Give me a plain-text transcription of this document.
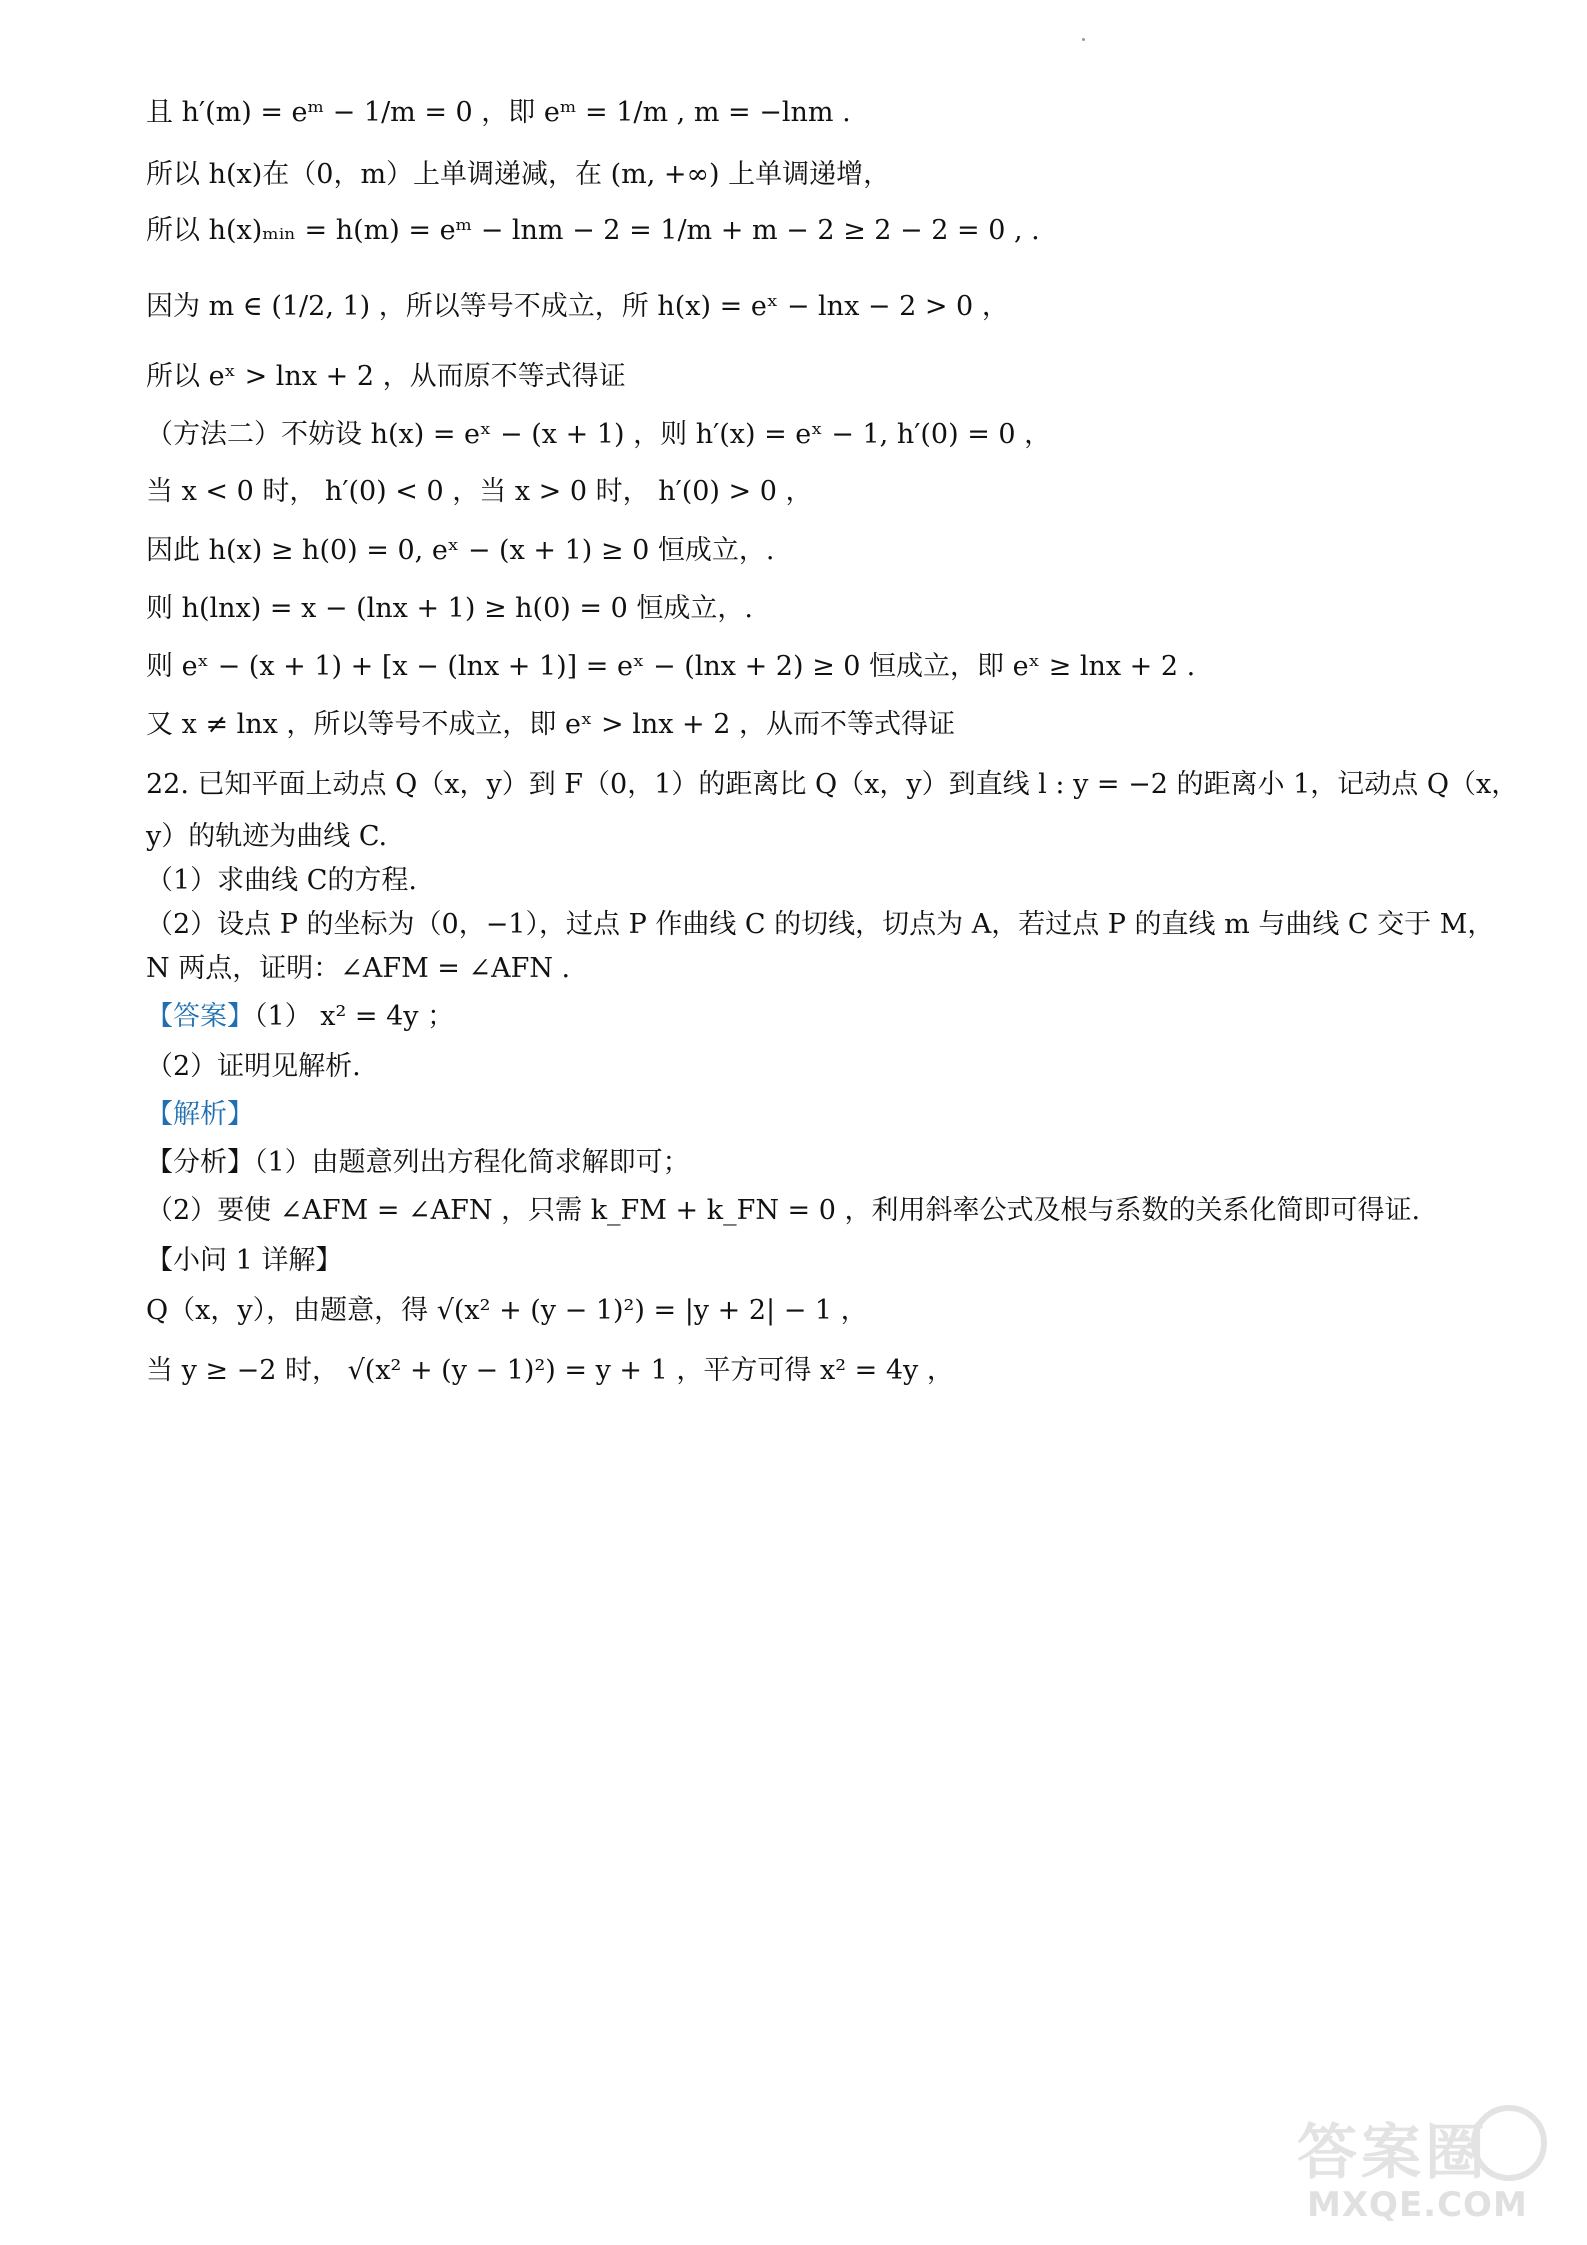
且 h′(m) = eᵐ − 1/m = 0 ，即 eᵐ = 1/m , m = −lnm .
所以 h(x)在（0，m）上单调递减，在 (m, +∞) 上单调递增，
所以 h(x)ₘᵢₙ = h(m) = eᵐ − lnm − 2 = 1/m + m − 2 ≥ 2 − 2 = 0 , .
因为 m ∈ (1/2, 1) ，所以等号不成立，所 h(x) = eˣ − lnx − 2 > 0 ，
所以 eˣ > lnx + 2 ，从而原不等式得证
（方法二）不妨设 h(x) = eˣ − (x + 1) ，则 h′(x) = eˣ − 1, h′(0) = 0 ，
当 x < 0 时， h′(0) < 0 ，当 x > 0 时， h′(0) > 0 ，
因此 h(x) ≥ h(0) = 0, eˣ − (x + 1) ≥ 0 恒成立，.
则 h(lnx) = x − (lnx + 1) ≥ h(0) = 0 恒成立，.
则 eˣ − (x + 1) + [x − (lnx + 1)] = eˣ − (lnx + 2) ≥ 0 恒成立，即 eˣ ≥ lnx + 2 .
又 x ≠ lnx ，所以等号不成立，即 eˣ > lnx + 2 ，从而不等式得证
22. 已知平面上动点 Q（x，y）到 F（0，1）的距离比 Q（x，y）到直线 l : y = −2 的距离小 1，记动点 Q（x，
y）的轨迹为曲线 C.
（1）求曲线 C的方程.
（2）设点 P 的坐标为（0，−1），过点 P 作曲线 C 的切线，切点为 A，若过点 P 的直线 m 与曲线 C 交于 M，
N 两点，证明：∠AFM = ∠AFN .
【答案】（1） x² = 4y ；
（2）证明见解析.
【解析】
【分析】（1）由题意列出方程化简求解即可；
（2）要使 ∠AFM = ∠AFN ，只需 k_FM + k_FN = 0 ，利用斜率公式及根与系数的关系化简即可得证.
【小问 1 详解】
Q（x，y），由题意，得 √(x² + (y − 1)²) = |y + 2| − 1 ，
当 y ≥ −2 时， √(x² + (y − 1)²) = y + 1 ，平方可得 x² = 4y ，
答案圈
MXQE.COM
